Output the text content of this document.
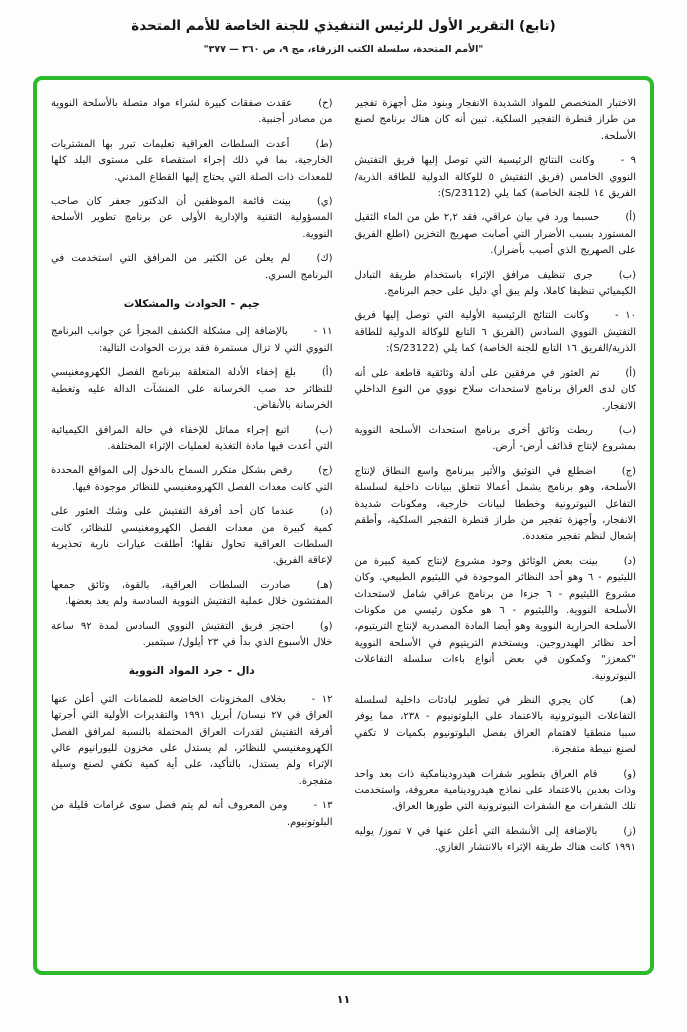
(تابع) التقرير الأول للرئيس التنفيذي للجنة الخاصة للأمم المتحدة
"الأمم المتحدة، سلسلة الكتب الزرقاء، مج ٩، ص ٣٦٠ — ٣٧٧"

الاختبار المتخصص للمواد الشديدة الانفجار وبنود مثل أجهزة تفجير من طراز قنطرة التفجير السلكية. تبين أنه كان هناك برنامج لصنع الأسلحة.

٩ -وكانت النتائج الرئيسية التي توصل إليها فريق التفتيش النووي الخامس (فريق التفتيش ٥ للوكالة الدولية للطاقة الذرية/ الفريق ١٤ للجنة الخاصة) كما يلي (S/23112):

(أ)حسبما ورد في بيان عراقي، فقد ٢,٢ طن من الماء الثقيل المستورد بسبب الأضرار التي أصابت صهريج التخزين (اطلع الفريق على الصهريج الذي أصيب بأضرار).

(ب)جرى تنظيف مرافق الإثراء باستخدام طريقة التبادل الكيميائي تنظيفا كاملا، ولم يبق أي دليل على حجم البرنامج.

١٠ -وكانت النتائج الرئيسية الأولية التي توصل إليها فريق التفتيش النووي السادس (الفريق ٦ التابع للوكالة الدولية للطاقة الذرية/الفريق ١٦ التابع للجنة الخاصة) كما يلي (S/23122):

(أ)تم العثور في مرفقين على أدلة وثائقية قاطعة على أنه كان لدى العراق برنامج لاستحداث سلاح نووي من النوع الداخلي الانفجار.

(ب)ربطت وثائق أخرى برنامج استحداث الأسلحة النووية بمشروع لإنتاج قذائف أرض- أرض.

(ج)اضطلع في التوثيق والأثير ببرنامج واسع النطاق لإنتاج الأسلحة، وهو برنامج يشمل أعمالا تتعلق ببيانات داخلية لسلسلة التفاعل النيوترونية وخططا لبيانات خارجية، ومكونات شديدة الانفجار، وأجهزة تفجير من طراز قنطرة التفجير السلكية، وأطقم إشعال لنظم تفجير متعددة.

(د)بينت بعض الوثائق وجود مشروع لإنتاج كمية كبيرة من الليثيوم - ٦ وهو أحد النظائر الموجودة في الليثيوم الطبيعي. وكان مشروع الليثيوم - ٦ جزءا من برنامج عراقي شامل لاستحداث الأسلحة النووية. والليثيوم - ٦ هو مكون رئيسي من مكونات الأسلحة الحرارية النووية وهو أيضا المادة المصدرية لإنتاج التريتيوم، أحد نظائر الهيدروجين. ويستخدم التريتيوم في الأسلحة النووية "كمعزز" وكمكون في بعض أنواع باءات سلسلة التفاعلات النيوترونية.

(هـ)كان يجري النظر في تطوير لبادئات داخلية لسلسلة التفاعلات النيوترونية بالاعتماد على البلوتونيوم - ٢٣٨، مما يوفر سببا منطقيا لاهتمام العراق بفصل البلوتونيوم بكميات لا تكفي لصنع نبيطة متفجرة.

(و)قام العراق بتطوير شفرات هيدرودينامكية ذات بعد واحد وذات بعدين بالاعتماد على نماذج هيدرودينامية معروفة، واستخدمت تلك الشفرات مع الشفرات النيوترونية التي طورها العراق.

(ز)بالإضافة إلى الأنشطة التي أعلن عنها في ٧ تموز/ يوليه ١٩٩١ كانت هناك طريقة الإثراء بالانتشار الغازي.

(ح)عقدت صفقات كبيرة لشراء مواد متصلة بالأسلحة النووية من مصادر أجنبية.

(ط)أعدت السلطات العراقية تعليمات تبرر بها المشتريات الخارجية، بما في ذلك إجراء استقصاء على مستوى البلد كلها للمعدات ذات الصلة التي يحتاج إليها القطاع المدني.

(ي)بينت قائمة الموظفين أن الدكتور جعفر كان صاحب المسؤولية التقنية والإدارية الأولى عن برنامج تطوير الأسلحة النووية.

(ك)لم يعلن عن الكثير من المرافق التي استخدمت في البرنامج السري.

جيم - الحوادث والمشكلات

١١ -بالإضافة إلى مشكلة الكشف المجزأ عن جوانب البرنامج النووي التي لا تزال مستمرة فقد برزت الحوادث التالية:

(أ)بلغ إخفاء الأدلة المتعلقة ببرنامج الفصل الكهرومغنيسي للنظائر حد صب الخرسانة على المنشآت الدالة عليه وتغطية الخرسانة بالأنقاض.

(ب)اتبع إجراء مماثل للإخفاء في حالة المرافق الكيميائية التي أعدت فيها مادة التغذية لعمليات الإثراء المختلفة.

(ج)رفض بشكل متكرر السماح بالدخول إلى المواقع المحددة التي كانت معدات الفصل الكهرومغنيسي للنظائر موجودة فيها.

(د)عندما كان أحد أفرقة التفتيش على وشك العثور على كمية كبيرة من معدات الفصل الكهرومغنيسي للنظائر، كانت السلطات العراقية تحاول نقلها؛ أطلقت عيارات نارية تحذيرية لإعاقة الفريق.

(هـ)صادرت السلطات العراقية، بالقوة، وثائق جمعها المفتشون خلال عملية التفتيش النووية السادسة ولم يعد بعضها.

(و)احتجز فريق التفتيش النووي السادس لمدة ٩٢ ساعة خلال الأسبوع الذي بدأ في ٢٣ أيلول/ سبتمبر.

دال - جرد المواد النووية

١٢ -بخلاف المخزونات الخاضعة للضمانات التي أعلن عنها العراق في ٢٧ نيسان/ أبريل ١٩٩١ والتقديرات الأولية التي أجرتها أفرقة التفتيش لقدرات العراق المحتملة بالنسبة لمرافق الفصل الكهرومغنيسي للنظائر، لم يستدل على مخزون لليورانيوم عالي الإثراء ولم يستدل، بالتأكيد، على أية كمية تكفي لصنع وسيلة متفجرة.

١٣ -ومن المعروف أنه لم يتم فصل سوى غرامات قليلة من البلوتونيوم.

١١
